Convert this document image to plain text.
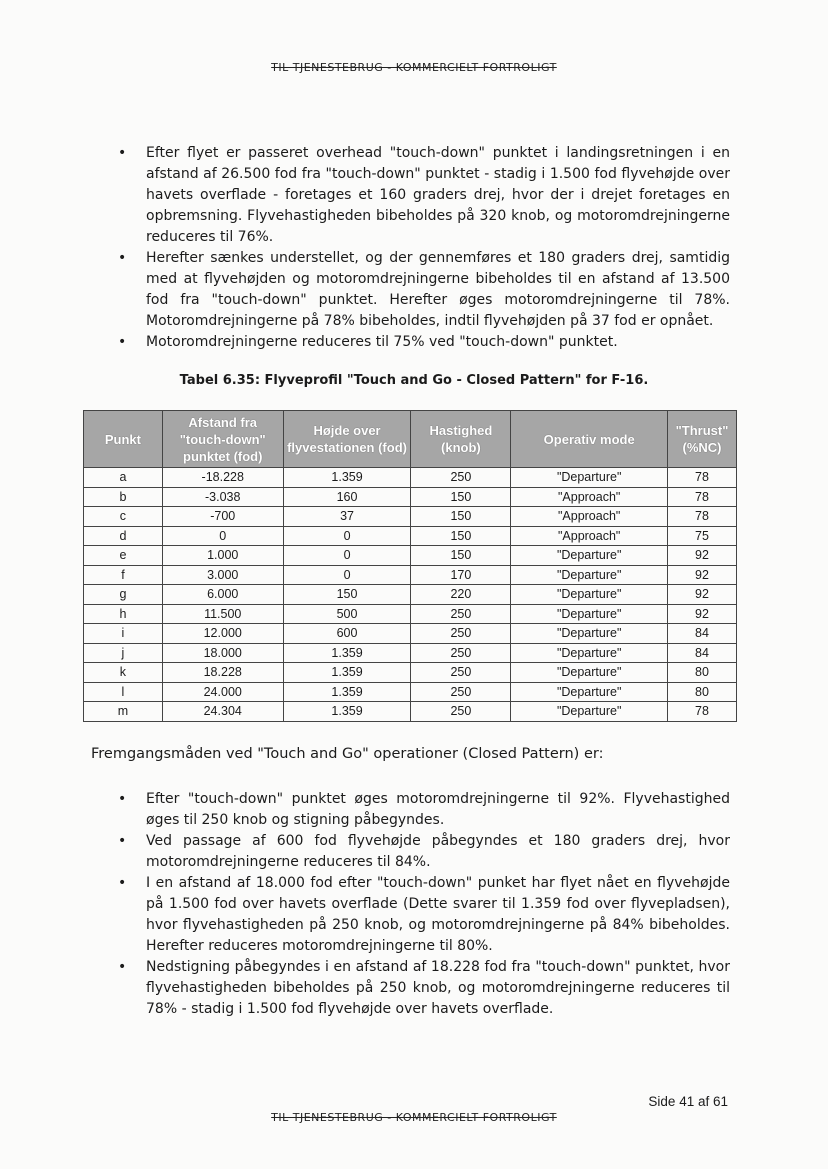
TIL TJENESTEBRUG - KOMMERCIELT FORTROLIGT
• Efter flyet er passeret overhead "touch-down" punktet i landingsretningen i en afstand af 26.500 fod fra "touch-down" punktet - stadig i 1.500 fod flyvehøjde over havets overflade - foretages et 160 graders drej, hvor der i drejet foretages en opbremsning. Flyvehastigheden bibeholdes på 320 knob, og motoromdrejningerne reduceres til 76%.
• Herefter sænkes understellet, og der gennemføres et 180 graders drej, samtidig med at flyvehøjden og motoromdrejningerne bibeholdes til en afstand af 13.500 fod fra "touch-down" punktet. Herefter øges motoromdrejningerne til 78%. Motoromdrejningerne på 78% bibeholdes, indtil flyvehøjden på 37 fod er opnået.
• Motoromdrejningerne reduceres til 75% ved "touch-down" punktet.
Tabel 6.35: Flyveprofil "Touch and Go - Closed Pattern" for F-16.
Punkt	Afstand fra "touch-down" punktet (fod)	Højde over flyvestationen (fod)	Hastighed (knob)	Operativ mode	"Thrust" (%NC)
a	-18.228	1.359	250	"Departure"	78
b	-3.038	160	150	"Approach"	78
c	-700	37	150	"Approach"	78
d	0	0	150	"Approach"	75
e	1.000	0	150	"Departure"	92
f	3.000	0	170	"Departure"	92
g	6.000	150	220	"Departure"	92
h	11.500	500	250	"Departure"	92
i	12.000	600	250	"Departure"	84
j	18.000	1.359	250	"Departure"	84
k	18.228	1.359	250	"Departure"	80
l	24.000	1.359	250	"Departure"	80
m	24.304	1.359	250	"Departure"	78
Fremgangsmåden ved "Touch and Go" operationer (Closed Pattern) er:
• Efter "touch-down" punktet øges motoromdrejningerne til 92%. Flyvehastighed øges til 250 knob og stigning påbegyndes.
• Ved passage af 600 fod flyvehøjde påbegyndes et 180 graders drej, hvor motoromdrejningerne reduceres til 84%.
• I en afstand af 18.000 fod efter "touch-down" punket har flyet nået en flyvehøjde på 1.500 fod over havets overflade (Dette svarer til 1.359 fod over flyvepladsen), hvor flyvehastigheden på 250 knob, og motoromdrejningerne på 84% bibeholdes. Herefter reduceres motoromdrejningerne til 80%.
• Nedstigning påbegyndes i en afstand af 18.228 fod fra "touch-down" punktet, hvor flyvehastigheden bibeholdes på 250 knob, og motoromdrejningerne reduceres til 78% - stadig i 1.500 fod flyvehøjde over havets overflade.
Side 41 af 61
TIL TJENESTEBRUG - KOMMERCIELT FORTROLIGT
